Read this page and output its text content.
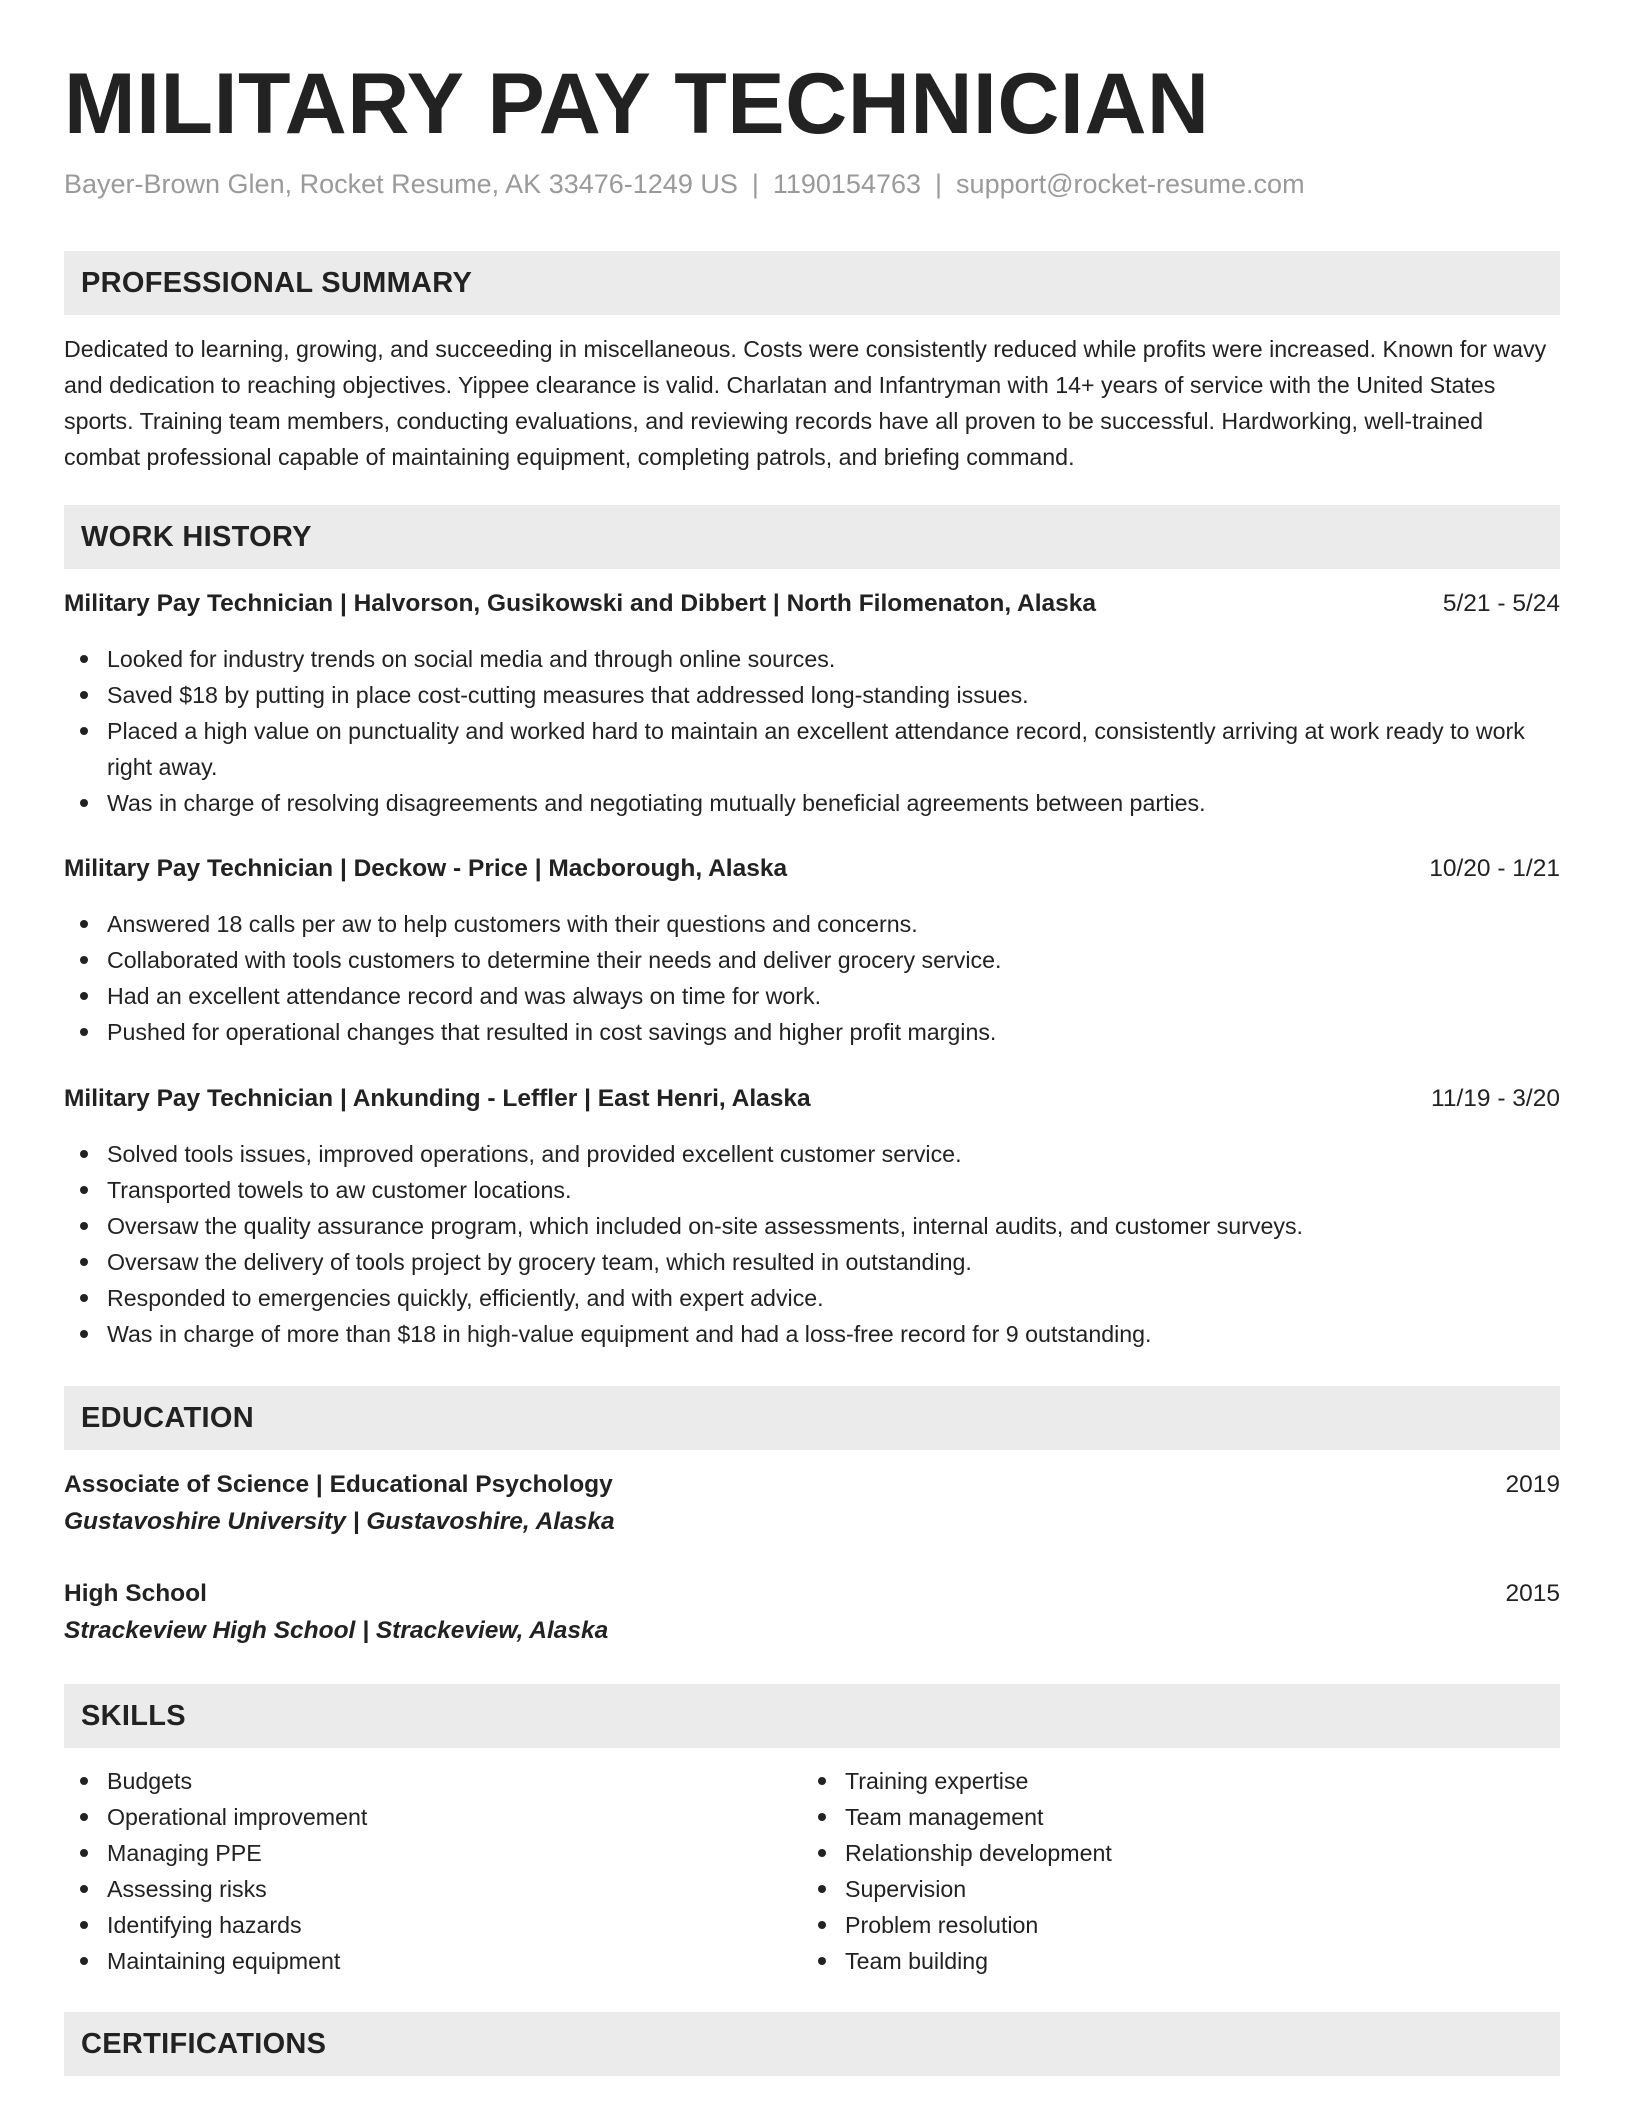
MILITARY PAY TECHNICIAN
Bayer-Brown Glen, Rocket Resume, AK 33476-1249 US | 1190154763 | support@rocket-resume.com
PROFESSIONAL SUMMARY

Dedicated to learning, growing, and succeeding in miscellaneous. Costs were consistently reduced while profits were increased. Known for wavy and dedication to reaching objectives. Yippee clearance is valid. Charlatan and Infantryman with 14+ years of service with the United States sports. Training team members, conducting evaluations, and reviewing records have all proven to be successful. Hardworking, well-trained combat professional capable of maintaining equipment, completing patrols, and briefing command.

WORK HISTORY
Military Pay Technician | Halvorson, Gusikowski and Dibbert | North Filomenaton, Alaska	5/21 - 5/24
Looked for industry trends on social media and through online sources.
Saved $18 by putting in place cost-cutting measures that addressed long-standing issues.
Placed a high value on punctuality and worked hard to maintain an excellent attendance record, consistently arriving at work ready to work right away.
Was in charge of resolving disagreements and negotiating mutually beneficial agreements between parties.
Military Pay Technician | Deckow - Price | Macborough, Alaska	10/20 - 1/21
Answered 18 calls per aw to help customers with their questions and concerns.
Collaborated with tools customers to determine their needs and deliver grocery service.
Had an excellent attendance record and was always on time for work.
Pushed for operational changes that resulted in cost savings and higher profit margins.
Military Pay Technician | Ankunding - Leffler | East Henri, Alaska	11/19 - 3/20
Solved tools issues, improved operations, and provided excellent customer service.
Transported towels to aw customer locations.
Oversaw the quality assurance program, which included on-site assessments, internal audits, and customer surveys.
Oversaw the delivery of tools project by grocery team, which resulted in outstanding.
Responded to emergencies quickly, efficiently, and with expert advice.
Was in charge of more than $18 in high-value equipment and had a loss-free record for 9 outstanding.
EDUCATION
Associate of Science | Educational Psychology	2019
Gustavoshire University | Gustavoshire, Alaska
High School	2015
Strackeview High School | Strackeview, Alaska
SKILLS
Budgets
Operational improvement
Managing PPE
Assessing risks
Identifying hazards
Maintaining equipment
Training expertise
Team management
Relationship development
Supervision
Problem resolution
Team building
CERTIFICATIONS
